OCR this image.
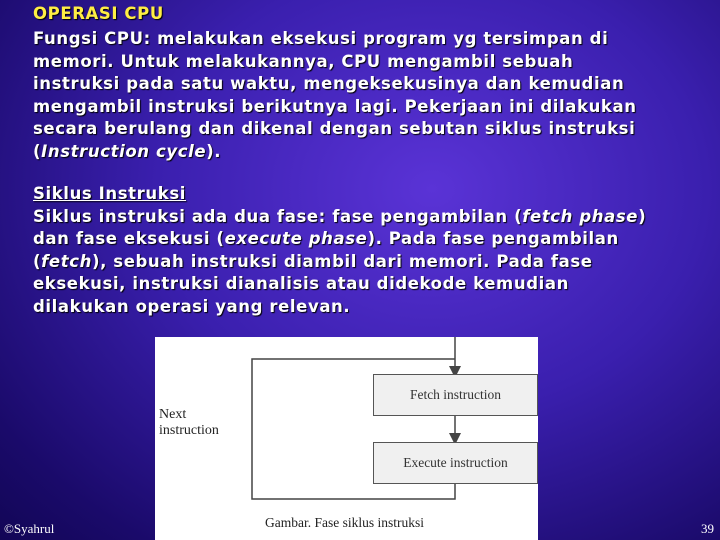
OPERASI CPU
Fungsi CPU: melakukan eksekusi program yg tersimpan di
memori. Untuk melakukannya, CPU mengambil sebuah
instruksi pada satu waktu, mengeksekusinya dan kemudian
mengambil instruksi berikutnya lagi. Pekerjaan ini dilakukan
secara berulang dan dikenal dengan sebutan siklus instruksi
(Instruction cycle).
Siklus Instruksi
Siklus instruksi ada dua fase: fase pengambilan (fetch phase)
dan fase eksekusi (execute phase). Pada fase pengambilan
(fetch), sebuah instruksi diambil dari memori. Pada fase
eksekusi, instruksi dianalisis atau didekode kemudian
dilakukan operasi yang relevan.
Fetch instruction
Execute instruction
Next
instruction
Gambar. Fase siklus instruksi
©Syahrul	39
